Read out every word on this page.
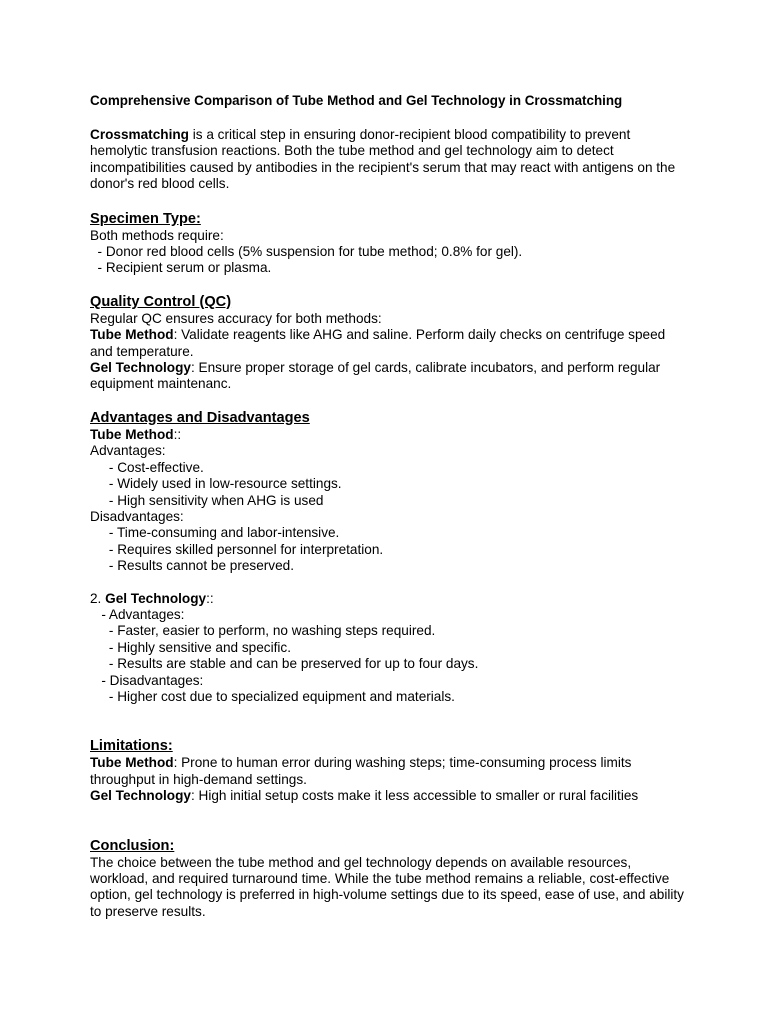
Comprehensive Comparison of Tube Method and Gel Technology in Crossmatching
Crossmatching is a critical step in ensuring donor-recipient blood compatibility to prevent hemolytic transfusion reactions. Both the tube method and gel technology aim to detect incompatibilities caused by antibodies in the recipient's serum that may react with antigens on the donor's red blood cells.
Specimen Type:
Both methods require:
- Donor red blood cells (5% suspension for tube method; 0.8% for gel).
- Recipient serum or plasma.
Quality Control (QC)
Regular QC ensures accuracy for both methods:
Tube Method: Validate reagents like AHG and saline. Perform daily checks on centrifuge speed and temperature.
Gel Technology: Ensure proper storage of gel cards, calibrate incubators, and perform regular equipment maintenanc.
Advantages and Disadvantages
Tube Method::
Advantages:
- Cost-effective.
- Widely used in low-resource settings.
- High sensitivity when AHG is used
Disadvantages:
- Time-consuming and labor-intensive.
- Requires skilled personnel for interpretation.
- Results cannot be preserved.
2. Gel Technology::
- Advantages:
- Faster, easier to perform, no washing steps required.
- Highly sensitive and specific.
- Results are stable and can be preserved for up to four days.
- Disadvantages:
- Higher cost due to specialized equipment and materials.
Limitations:
Tube Method: Prone to human error during washing steps; time-consuming process limits throughput in high-demand settings.
Gel Technology: High initial setup costs make it less accessible to smaller or rural facilities
Conclusion:
The choice between the tube method and gel technology depends on available resources, workload, and required turnaround time. While the tube method remains a reliable, cost-effective option, gel technology is preferred in high-volume settings due to its speed, ease of use, and ability to preserve results.
